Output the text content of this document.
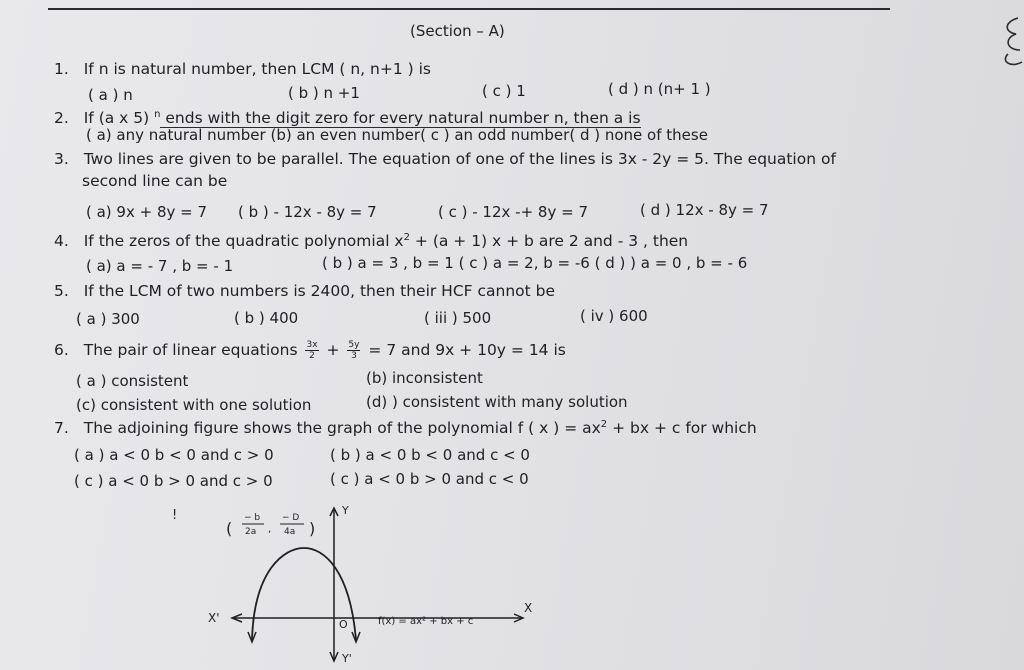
(Section – A)
1. If n is natural number, then LCM ( n, n+1 ) is
( a ) n	( b ) n +1	( c ) 1	( d ) n (n+ 1 )
2. If (a x 5) $^n$ ends with the digit zero for every natural number n, then a is
( a) any natural number (b) an even number( c ) an odd number( d ) none of these
3. Two lines are given to be parallel. The equation of one of the lines is 3x - 2y = 5. The equation of
second line can be
( a) 9x + 8y = 7 ( b ) - 12x - 8y = 7	( c ) - 12x -+ 8y = 7	( d ) 12x - 8y = 7
4. If the zeros of the quadratic polynomial $x^2 + (a + 1) x + b$ are 2 and - 3 , then
( a) a = - 7 , b = - 1	( b ) a = 3 , b = 1 ( c ) a = 2, b = -6 ( d ) ) a = 0 , b = - 6
5. If the LCM of two numbers is 2400, then their HCF cannot be
( a ) 300	( b ) 400	( iii ) 500	( iv ) 600
6. The pair of linear equations $\frac{3x}{2} + \frac{5y}{3} = 7$ and 9x + 10y = 14 is
( a ) consistent	(b) inconsistent
(c) consistent with one solution	(d) ) consistent with many solution
7. The adjoining figure shows the graph of the polynomial f ( x ) = $ax^2$ + bx + c for which
( a ) a < 0 b < 0 and c > 0	( b ) a < 0 b < 0 and c < 0
( c ) a < 0 b > 0 and c > 0	( c ) a < 0 b > 0 and c < 0
!
(
− b
2a ,
− D
4a )
Y
Y'
X
X'	O	f(x) = ax² + bx + c
